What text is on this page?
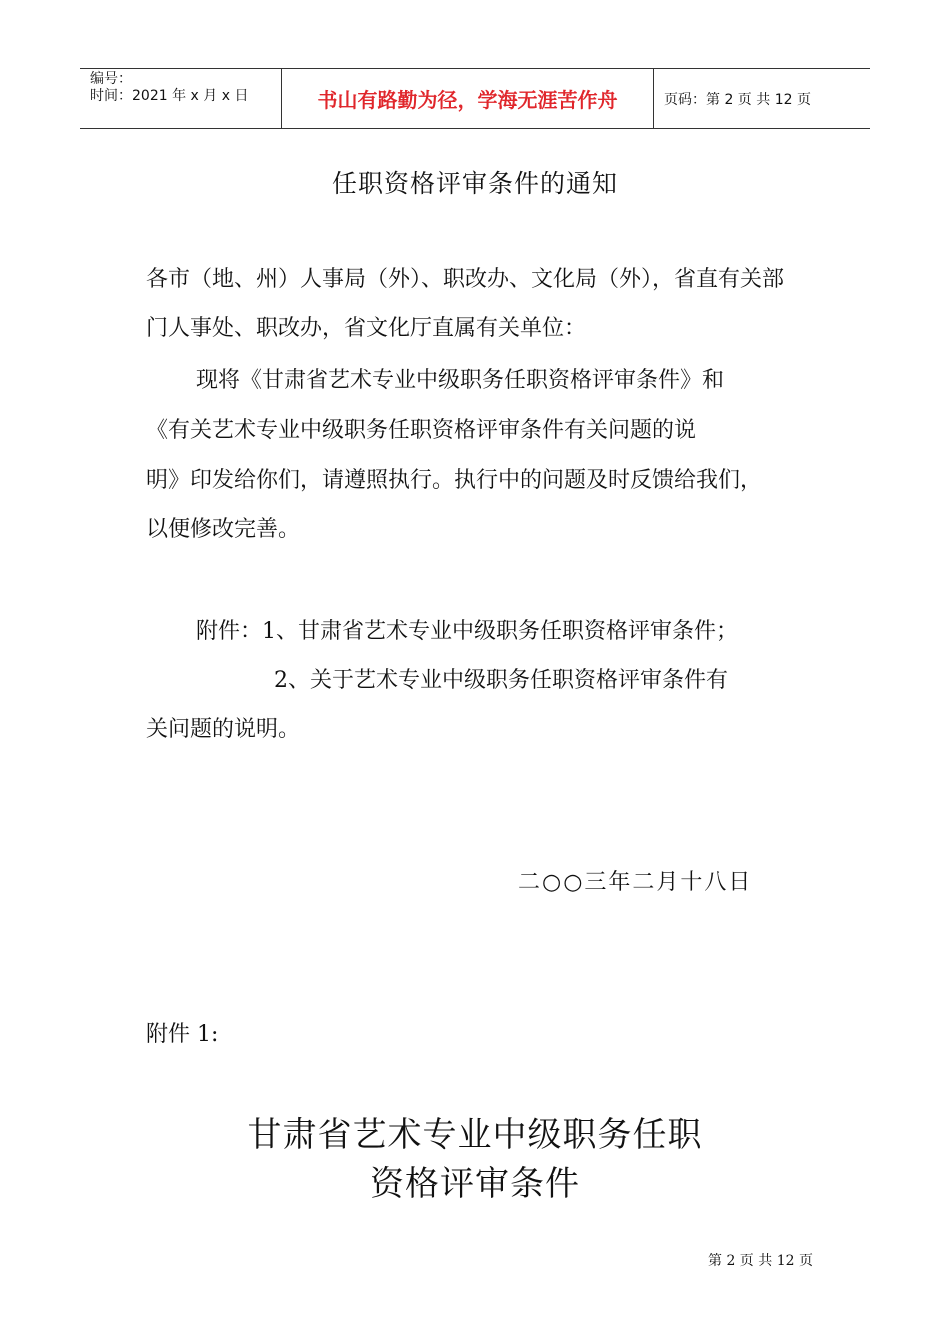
编号：
时间：2021 年 x 月 x 日	书山有路勤为径，学海无涯苦作舟	页码：第 2 页 共 12 页
任职资格评审条件的通知
各市（地、州）人事局（外）、职改办、文化局（外），省直有关部
门人事处、职改办，省文化厅直属有关单位：
现将《甘肃省艺术专业中级职务任职资格评审条件》和
《有关艺术专业中级职务任职资格评审条件有关问题的说
明》印发给你们，请遵照执行。执行中的问题及时反馈给我们，
以便修改完善。
附件：1、甘肃省艺术专业中级职务任职资格评审条件；
2、关于艺术专业中级职务任职资格评审条件有
关问题的说明。
二○○三年二月十八日
附件 1:
甘肃省艺术专业中级职务任职
资格评审条件
第 2 页 共 12 页
